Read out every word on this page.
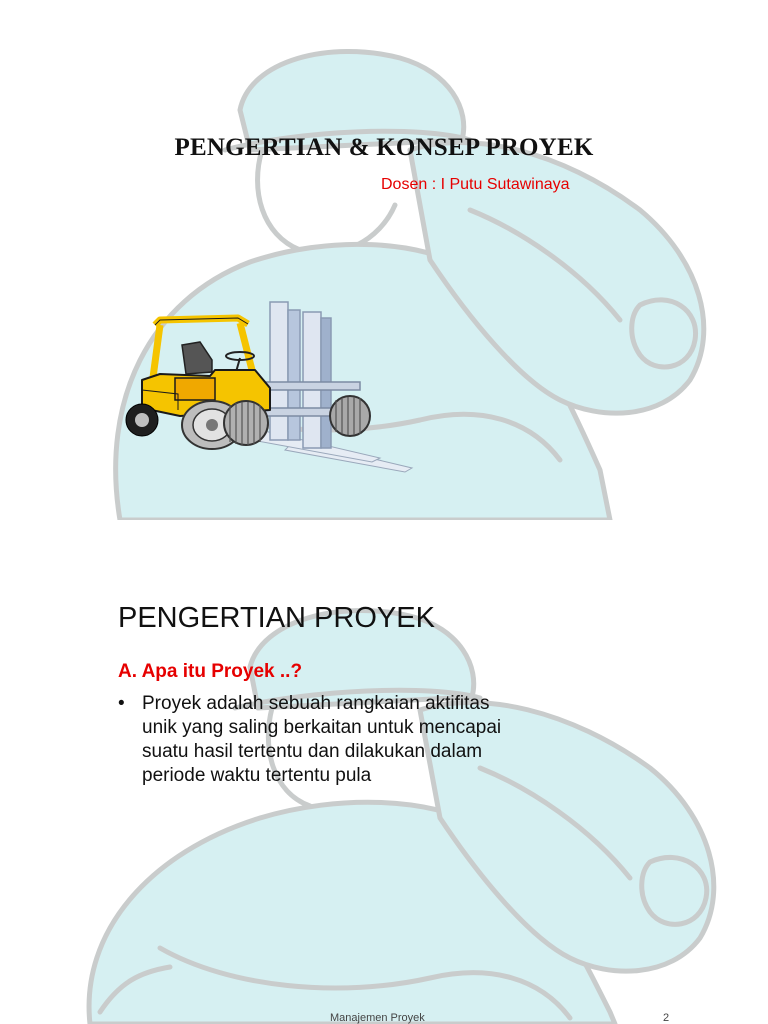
PENGERTIAN & KONSEP PROYEK
Dosen : I Putu Sutawinaya
PENGERTIAN PROYEK
A. Apa itu Proyek ..?
• Proyek adalah sebuah rangkaian aktifitas unik yang saling berkaitan untuk mencapai suatu hasil tertentu dan dilakukan dalam periode waktu tertentu pula
Manajemen Proyek	2
